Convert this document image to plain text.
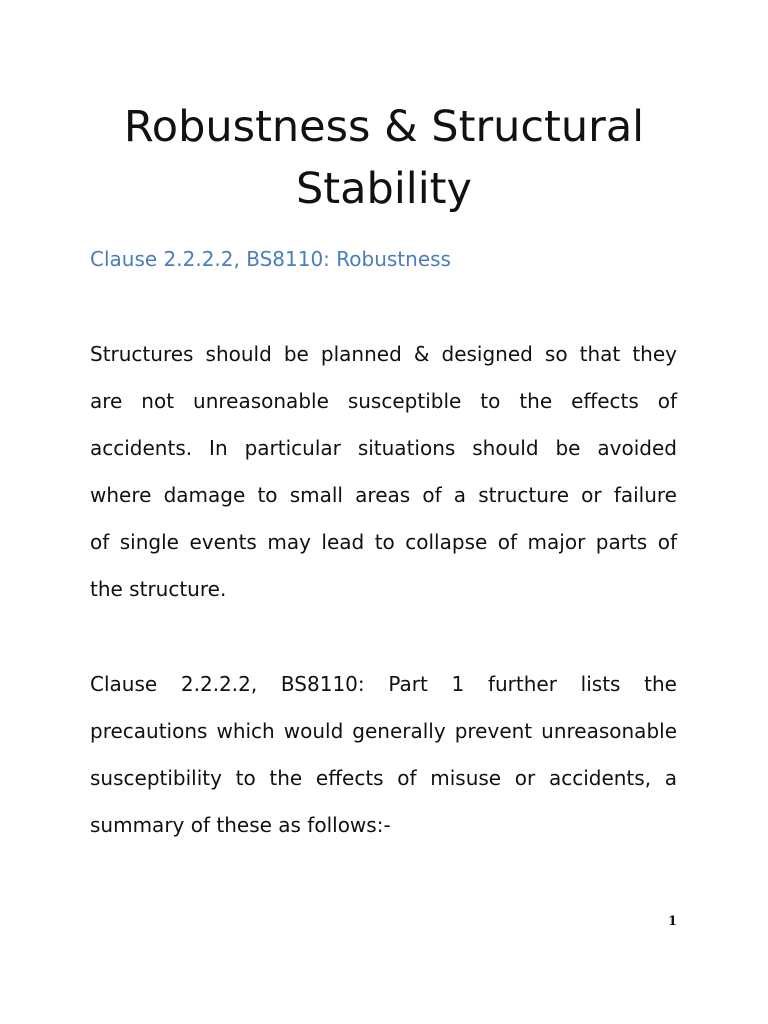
Robustness & Structural
Stability
Clause 2.2.2.2, BS8110: Robustness

Structures should be planned & designed so that they
are not unreasonable susceptible to the effects of
accidents. In particular situations should be avoided
where damage to small areas of a structure or failure
of single events may lead to collapse of major parts of
the structure.

Clause 2.2.2.2, BS8110: Part 1 further lists the
precautions which would generally prevent unreasonable
susceptibility to the effects of misuse or accidents, a
summary of these as follows:-

1
